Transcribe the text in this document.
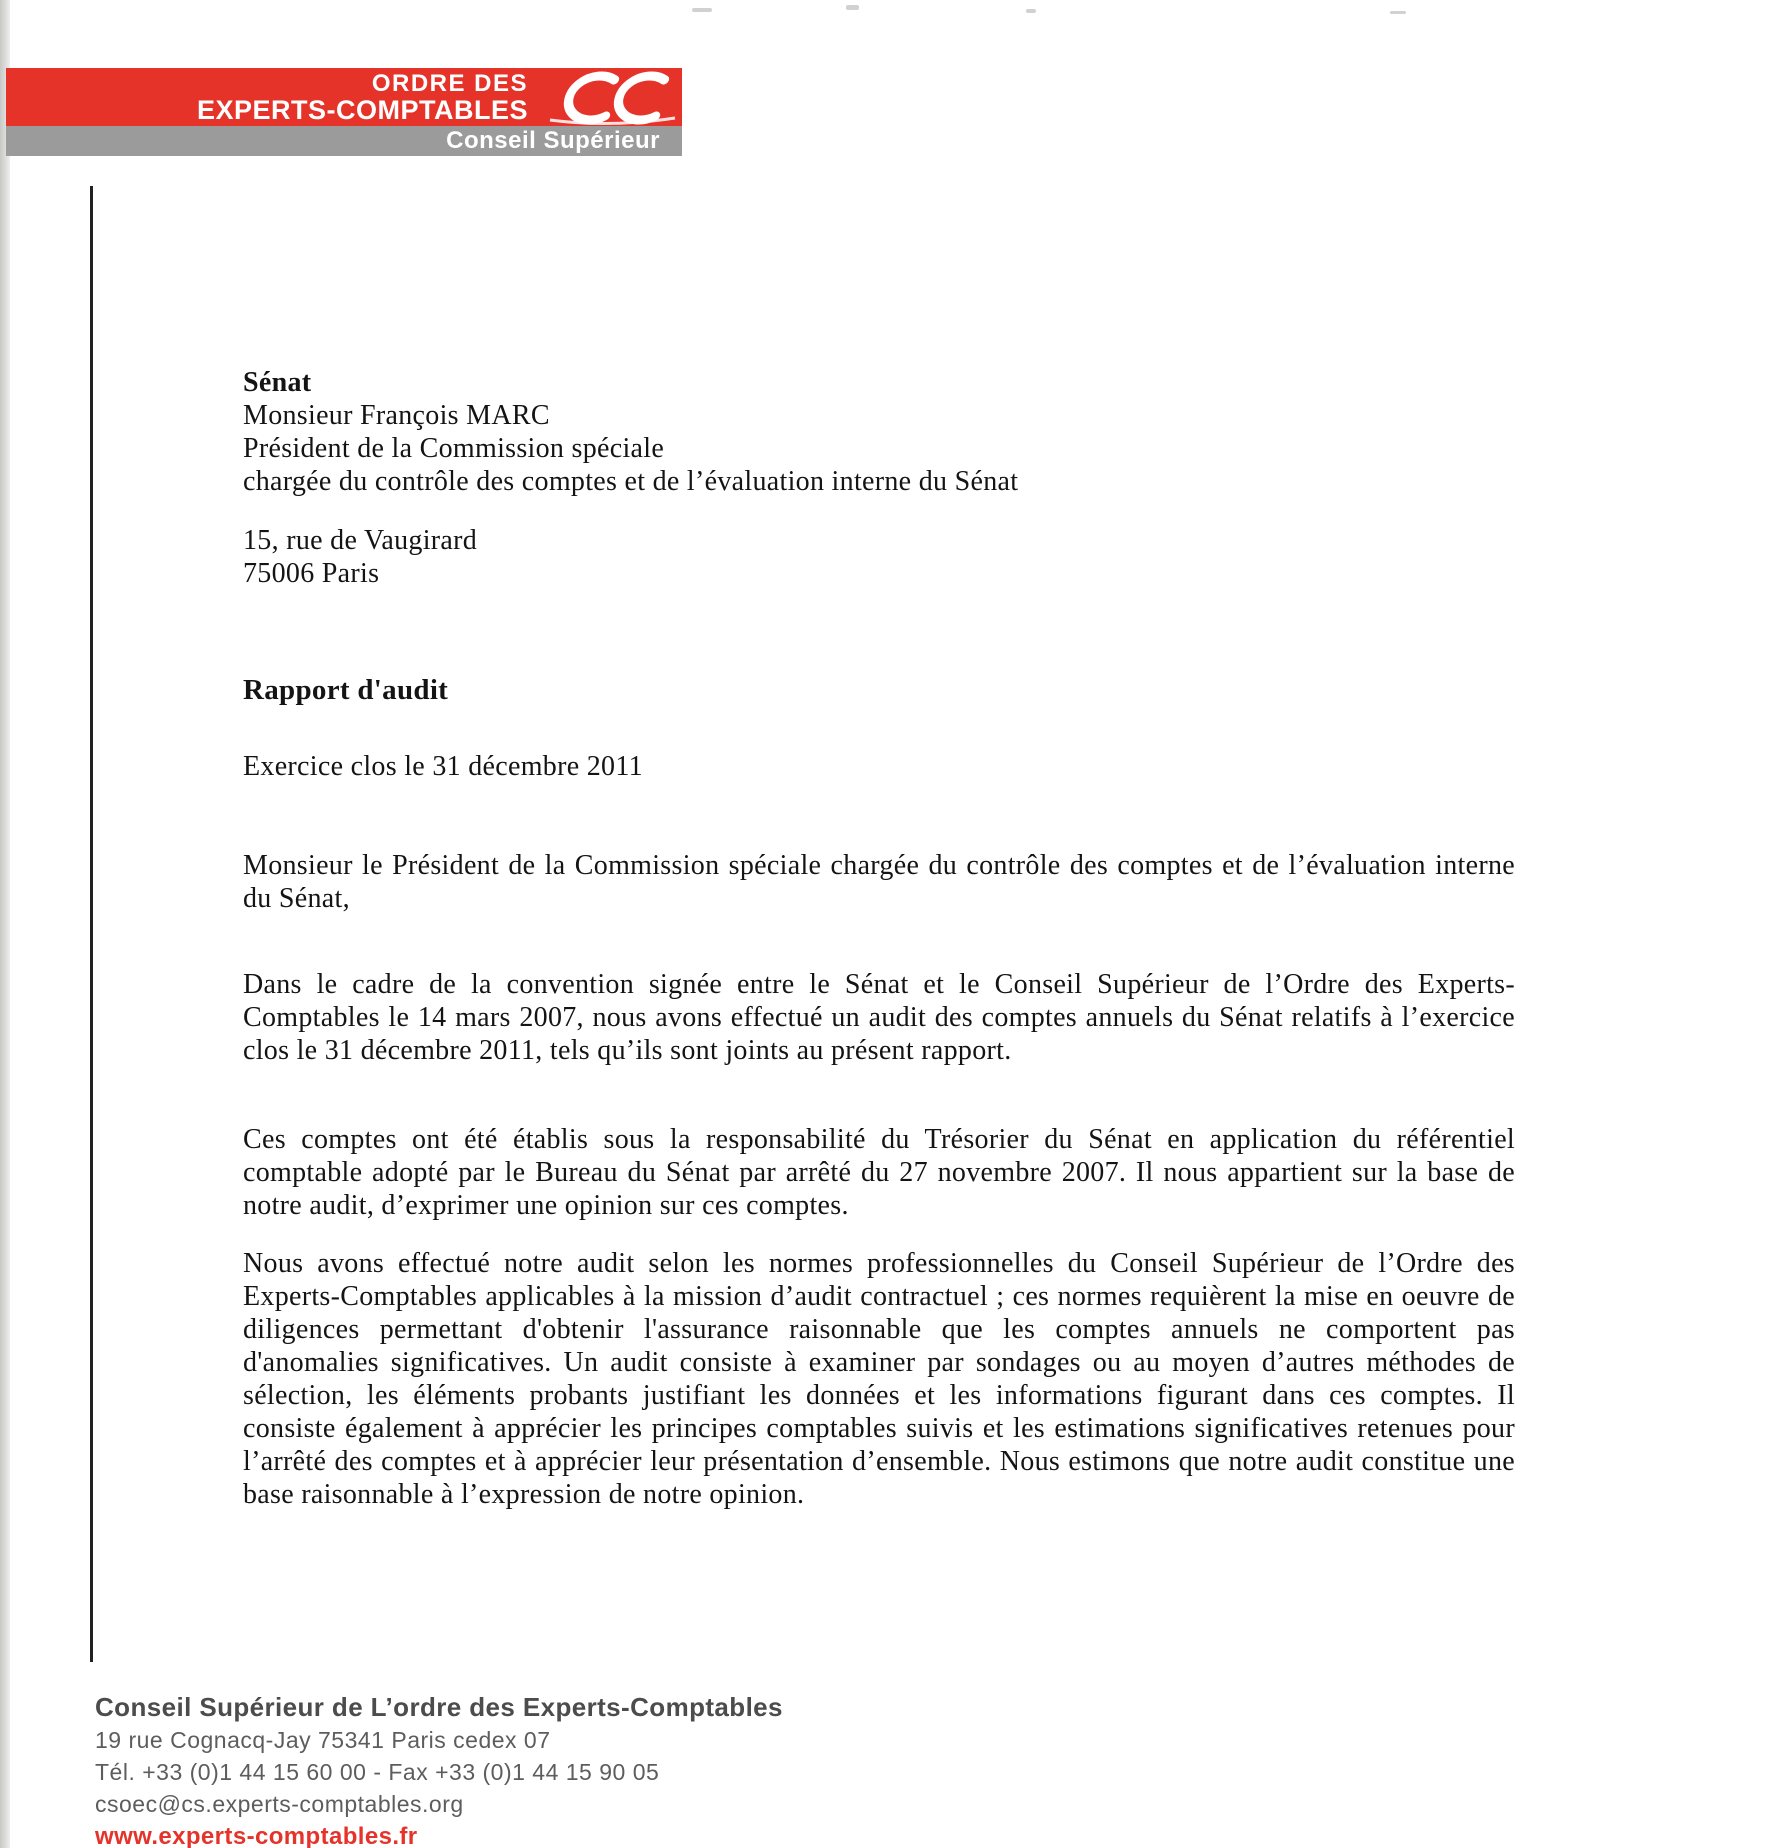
ORDRE DES
EXPERTS-COMPTABLES
Conseil Supérieur
Sénat
Monsieur François MARC
Président de la Commission spéciale
chargée du contrôle des comptes et de l’évaluation interne du Sénat
15, rue de Vaugirard
75006 Paris
Rapport d'audit
Exercice clos le 31 décembre 2011
Monsieur le Président de la Commission spéciale chargée du contrôle des comptes et de l’évaluation interne du Sénat,
Dans le cadre de la convention signée entre le Sénat et le Conseil Supérieur de l’Ordre des Experts-Comptables le 14 mars 2007, nous avons effectué un audit des comptes annuels du Sénat relatifs à l’exercice clos le 31 décembre 2011, tels qu’ils sont joints au présent rapport.
Ces comptes ont été établis sous la responsabilité du Trésorier du Sénat en application du référentiel comptable adopté par le Bureau du Sénat par arrêté du 27 novembre 2007. Il nous appartient sur la base de notre audit, d’exprimer une opinion sur ces comptes.
Nous avons effectué notre audit selon les normes professionnelles du Conseil Supérieur de l’Ordre des Experts-Comptables applicables à la mission d’audit contractuel ; ces normes requièrent la mise en oeuvre de diligences permettant d'obtenir l'assurance raisonnable que les comptes annuels ne comportent pas d'anomalies significatives. Un audit consiste à examiner par sondages ou au moyen d’autres méthodes de sélection, les éléments probants justifiant les données et les informations figurant dans ces comptes. Il consiste également à apprécier les principes comptables suivis et les estimations significatives retenues pour l’arrêté des comptes et à apprécier leur présentation d’ensemble. Nous estimons que notre audit constitue une base raisonnable à l’expression de notre opinion.
Conseil Supérieur de L’ordre des Experts-Comptables
19 rue Cognacq-Jay 75341 Paris cedex 07
Tél. +33 (0)1 44 15 60 00 - Fax +33 (0)1 44 15 90 05
csoec@cs.experts-comptables.org
www.experts-comptables.fr
